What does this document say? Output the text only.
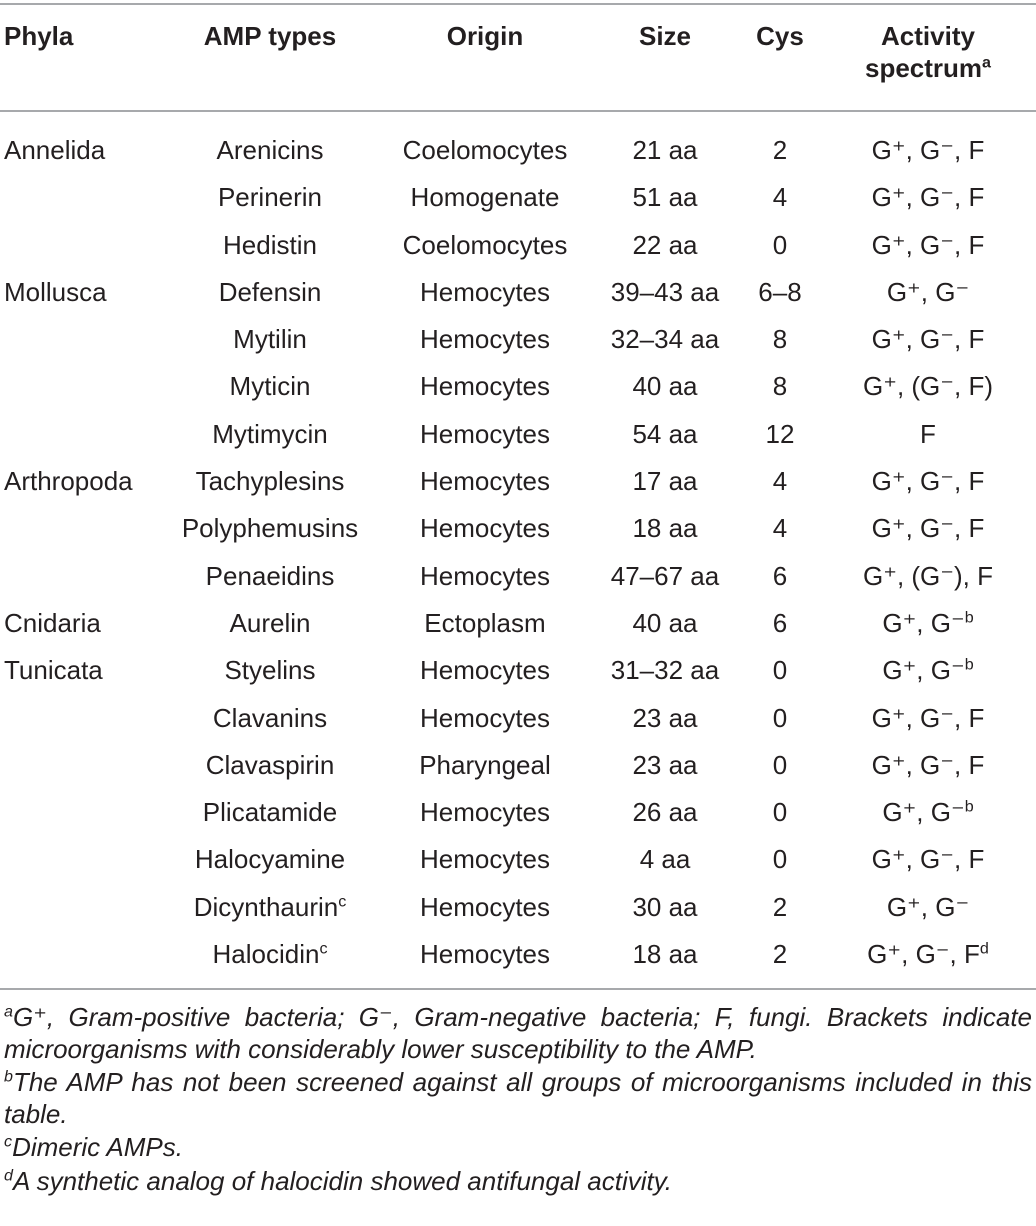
Phyla	AMP types	Origin	Size	Cys	Activity
spectrum$^a$
Annelida	Arenicins	Coelomocytes	21 aa	2	G⁺, G⁻, F
	Perinerin	Homogenate	51 aa	4	G⁺, G⁻, F
	Hedistin	Coelomocytes	22 aa	0	G⁺, G⁻, F
Mollusca	Defensin	Hemocytes	39–43 aa	6–8	G⁺, G⁻
	Mytilin	Hemocytes	32–34 aa	8	G⁺, G⁻, F
	Myticin	Hemocytes	40 aa	8	G⁺, (G⁻, F)
	Mytimycin	Hemocytes	54 aa	12	F
Arthropoda	Tachyplesins	Hemocytes	17 aa	4	G⁺, G⁻, F
	Polyphemusins	Hemocytes	18 aa	4	G⁺, G⁻, F
	Penaeidins	Hemocytes	47–67 aa	6	G⁺, (G⁻), F
Cnidaria	Aurelin	Ectoplasm	40 aa	6	G⁺, G⁻$^b$
Tunicata	Styelins	Hemocytes	31–32 aa	0	G⁺, G⁻$^b$
	Clavanins	Hemocytes	23 aa	0	G⁺, G⁻, F
	Clavaspirin	Pharyngeal	23 aa	0	G⁺, G⁻, F
	Plicatamide	Hemocytes	26 aa	0	G⁺, G⁻$^b$
	Halocyamine	Hemocytes	4 aa	0	G⁺, G⁻, F
	Dicynthaurin$^c$	Hemocytes	30 aa	2	G⁺, G⁻
	Halocidin$^c$	Hemocytes	18 aa	2	G⁺, G⁻, $F^d$
$^a$G⁺, Gram-positive bacteria; G⁻, Gram-negative bacteria; F, fungi. Brackets indicate microorganisms with considerably lower susceptibility to the AMP.
$^b$The AMP has not been screened against all groups of microorganisms included in this table.
$^c$Dimeric AMPs.
$^d$A synthetic analog of halocidin showed antifungal activity.
